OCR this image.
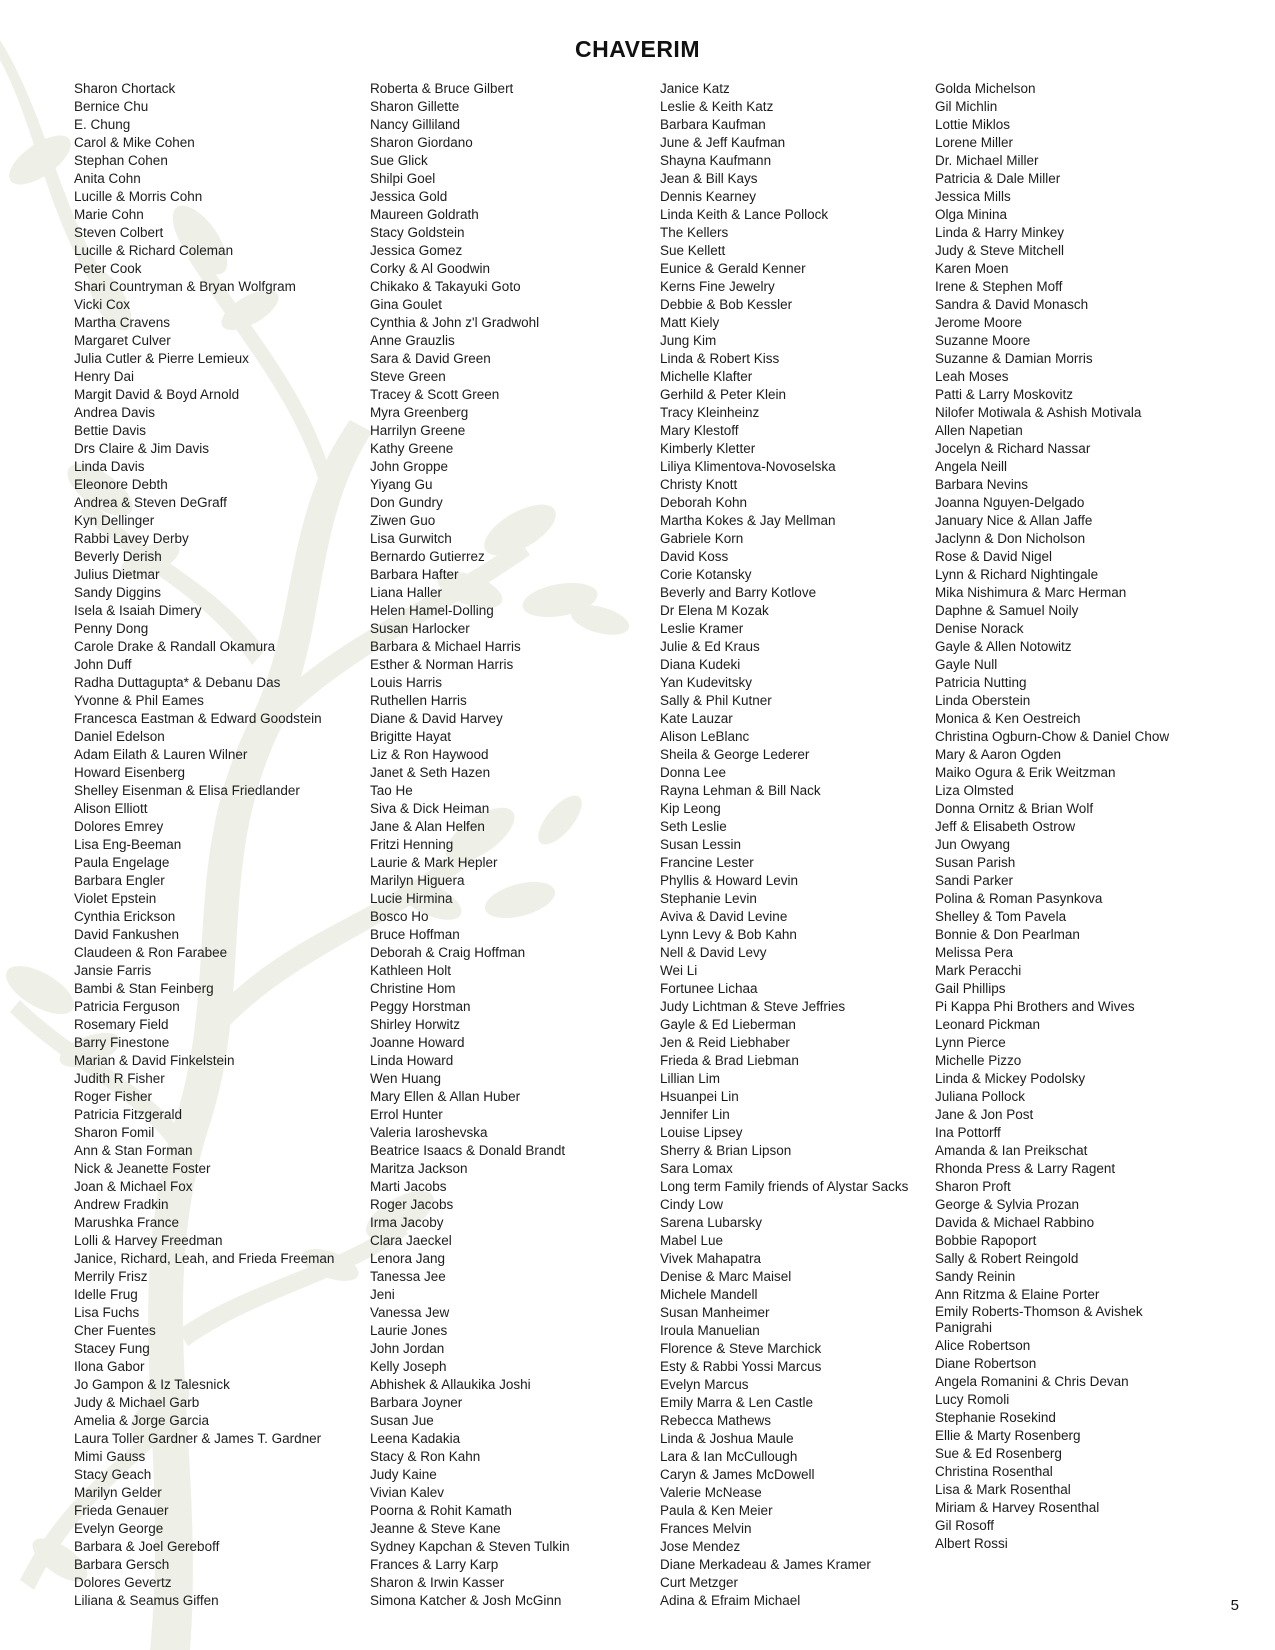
CHAVERIM
Sharon Chortack
Bernice Chu
E. Chung
Carol & Mike Cohen
Stephan Cohen
Anita Cohn
Lucille & Morris Cohn
Marie Cohn
Steven Colbert
Lucille & Richard Coleman
Peter Cook
Shari Countryman & Bryan Wolfgram
Vicki Cox
Martha Cravens
Margaret Culver
Julia Cutler & Pierre Lemieux
Henry Dai
Margit David & Boyd Arnold
Andrea Davis
Bettie Davis
Drs Claire & Jim Davis
Linda Davis
Eleonore Debth
Andrea & Steven DeGraff
Kyn Dellinger
Rabbi Lavey Derby
Beverly Derish
Julius Dietmar
Sandy Diggins
Isela & Isaiah Dimery
Penny Dong
Carole Drake & Randall Okamura
John Duff
Radha Duttagupta* & Debanu Das
Yvonne & Phil Eames
Francesca Eastman & Edward Goodstein
Daniel Edelson
Adam Eilath & Lauren Wilner
Howard Eisenberg
Shelley Eisenman & Elisa Friedlander
Alison Elliott
Dolores Emrey
Lisa Eng-Beeman
Paula Engelage
Barbara Engler
Violet Epstein
Cynthia Erickson
David Fankushen
Claudeen & Ron Farabee
Jansie Farris
Bambi & Stan Feinberg
Patricia Ferguson
Rosemary Field
Barry Finestone
Marian & David Finkelstein
Judith R Fisher
Roger Fisher
Patricia Fitzgerald
Sharon Fomil
Ann & Stan Forman
Nick & Jeanette Foster
Joan & Michael Fox
Andrew Fradkin
Marushka France
Lolli & Harvey Freedman
Janice, Richard, Leah, and Frieda Freeman
Merrily Frisz
Idelle Frug
Lisa Fuchs
Cher Fuentes
Stacey Fung
Ilona Gabor
Jo Gampon & Iz Talesnick
Judy & Michael Garb
Amelia & Jorge Garcia
Laura Toller Gardner & James T. Gardner
Mimi Gauss
Stacy Geach
Marilyn Gelder
Frieda Genauer
Evelyn George
Barbara & Joel Gereboff
Barbara Gersch
Dolores Gevertz
Liliana & Seamus Giffen
Roberta & Bruce Gilbert
Sharon Gillette
Nancy Gilliland
Sharon Giordano
Sue Glick
Shilpi Goel
Jessica Gold
Maureen Goldrath
Stacy Goldstein
Jessica Gomez
Corky & Al Goodwin
Chikako & Takayuki Goto
Gina Goulet
Cynthia & John z'l Gradwohl
Anne Grauzlis
Sara & David Green
Steve Green
Tracey & Scott Green
Myra Greenberg
Harrilyn Greene
Kathy Greene
John Groppe
Yiyang Gu
Don Gundry
Ziwen Guo
Lisa Gurwitch
Bernardo Gutierrez
Barbara Hafter
Liana Haller
Helen Hamel-Dolling
Susan Harlocker
Barbara & Michael Harris
Esther & Norman Harris
Louis Harris
Ruthellen Harris
Diane & David Harvey
Brigitte Hayat
Liz & Ron Haywood
Janet & Seth Hazen
Tao He
Siva & Dick Heiman
Jane & Alan Helfen
Fritzi Henning
Laurie & Mark Hepler
Marilyn Higuera
Lucie Hirmina
Bosco Ho
Bruce Hoffman
Deborah & Craig Hoffman
Kathleen Holt
Christine Hom
Peggy Horstman
Shirley Horwitz
Joanne Howard
Linda Howard
Wen Huang
Mary Ellen & Allan Huber
Errol Hunter
Valeria Iaroshevska
Beatrice Isaacs & Donald Brandt
Maritza Jackson
Marti Jacobs
Roger Jacobs
Irma Jacoby
Clara Jaeckel
Lenora Jang
Tanessa Jee
Jeni
Vanessa Jew
Laurie Jones
John Jordan
Kelly Joseph
Abhishek & Allaukika Joshi
Barbara Joyner
Susan Jue
Leena Kadakia
Stacy & Ron Kahn
Judy Kaine
Vivian Kalev
Poorna & Rohit Kamath
Jeanne & Steve Kane
Sydney Kapchan & Steven Tulkin
Frances & Larry Karp
Sharon & Irwin Kasser
Simona Katcher & Josh McGinn
Janice Katz
Leslie & Keith Katz
Barbara Kaufman
June & Jeff Kaufman
Shayna Kaufmann
Jean & Bill Kays
Dennis Kearney
Linda Keith & Lance Pollock
The Kellers
Sue Kellett
Eunice & Gerald Kenner
Kerns Fine Jewelry
Debbie & Bob Kessler
Matt Kiely
Jung Kim
Linda & Robert Kiss
Michelle Klafter
Gerhild & Peter Klein
Tracy Kleinheinz
Mary Klestoff
Kimberly Kletter
Liliya Klimentova-Novoselska
Christy Knott
Deborah Kohn
Martha Kokes & Jay Mellman
Gabriele Korn
David Koss
Corie Kotansky
Beverly and Barry Kotlove
Dr Elena M Kozak
Leslie Kramer
Julie & Ed Kraus
Diana Kudeki
Yan Kudevitsky
Sally & Phil Kutner
Kate Lauzar
Alison LeBlanc
Sheila & George Lederer
Donna Lee
Rayna Lehman & Bill Nack
Kip Leong
Seth Leslie
Susan Lessin
Francine Lester
Phyllis & Howard Levin
Stephanie Levin
Aviva & David Levine
Lynn Levy & Bob Kahn
Nell & David Levy
Wei Li
Fortunee Lichaa
Judy Lichtman & Steve Jeffries
Gayle & Ed Lieberman
Jen & Reid Liebhaber
Frieda & Brad Liebman
Lillian Lim
Hsuanpei Lin
Jennifer Lin
Louise Lipsey
Sherry & Brian Lipson
Sara Lomax
Long term Family friends of Alystar Sacks
Cindy Low
Sarena Lubarsky
Mabel Lue
Vivek Mahapatra
Denise & Marc Maisel
Michele Mandell
Susan Manheimer
Iroula Manuelian
Florence & Steve Marchick
Esty & Rabbi Yossi Marcus
Evelyn Marcus
Emily Marra & Len Castle
Rebecca Mathews
Linda & Joshua Maule
Lara & Ian McCullough
Caryn & James McDowell
Valerie McNease
Paula & Ken Meier
Frances Melvin
Jose Mendez
Diane Merkadeau & James Kramer
Curt Metzger
Adina & Efraim Michael
Golda Michelson
Gil Michlin
Lottie Miklos
Lorene Miller
Dr. Michael Miller
Patricia & Dale Miller
Jessica Mills
Olga Minina
Linda & Harry Minkey
Judy & Steve Mitchell
Karen Moen
Irene & Stephen Moff
Sandra & David Monasch
Jerome Moore
Suzanne Moore
Suzanne & Damian Morris
Leah Moses
Patti & Larry Moskovitz
Nilofer Motiwala & Ashish Motivala
Allen Napetian
Jocelyn & Richard Nassar
Angela Neill
Barbara Nevins
Joanna Nguyen-Delgado
January Nice & Allan Jaffe
Jaclynn & Don Nicholson
Rose & David Nigel
Lynn & Richard Nightingale
Mika Nishimura & Marc Herman
Daphne & Samuel Noily
Denise Norack
Gayle & Allen Notowitz
Gayle Null
Patricia Nutting
Linda Oberstein
Monica & Ken Oestreich
Christina Ogburn-Chow & Daniel Chow
Mary & Aaron Ogden
Maiko Ogura & Erik Weitzman
Liza Olmsted
Donna Ornitz & Brian Wolf
Jeff & Elisabeth Ostrow
Jun Owyang
Susan Parish
Sandi Parker
Polina & Roman Pasynkova
Shelley & Tom Pavela
Bonnie & Don Pearlman
Melissa Pera
Mark Peracchi
Gail Phillips
Pi Kappa Phi Brothers and Wives
Leonard Pickman
Lynn Pierce
Michelle Pizzo
Linda & Mickey Podolsky
Juliana Pollock
Jane & Jon Post
Ina Pottorff
Amanda & Ian Preikschat
Rhonda Press & Larry Ragent
Sharon Proft
George & Sylvia Prozan
Davida & Michael Rabbino
Bobbie Rapoport
Sally & Robert Reingold
Sandy Reinin
Ann Ritzma & Elaine Porter
Emily Roberts-Thomson & Avishek
Panigrahi
Alice Robertson
Diane Robertson
Angela Romanini & Chris Devan
Lucy Romoli
Stephanie Rosekind
Ellie & Marty Rosenberg
Sue & Ed Rosenberg
Christina Rosenthal
Lisa & Mark Rosenthal
Miriam & Harvey Rosenthal
Gil Rosoff
Albert Rossi
5
